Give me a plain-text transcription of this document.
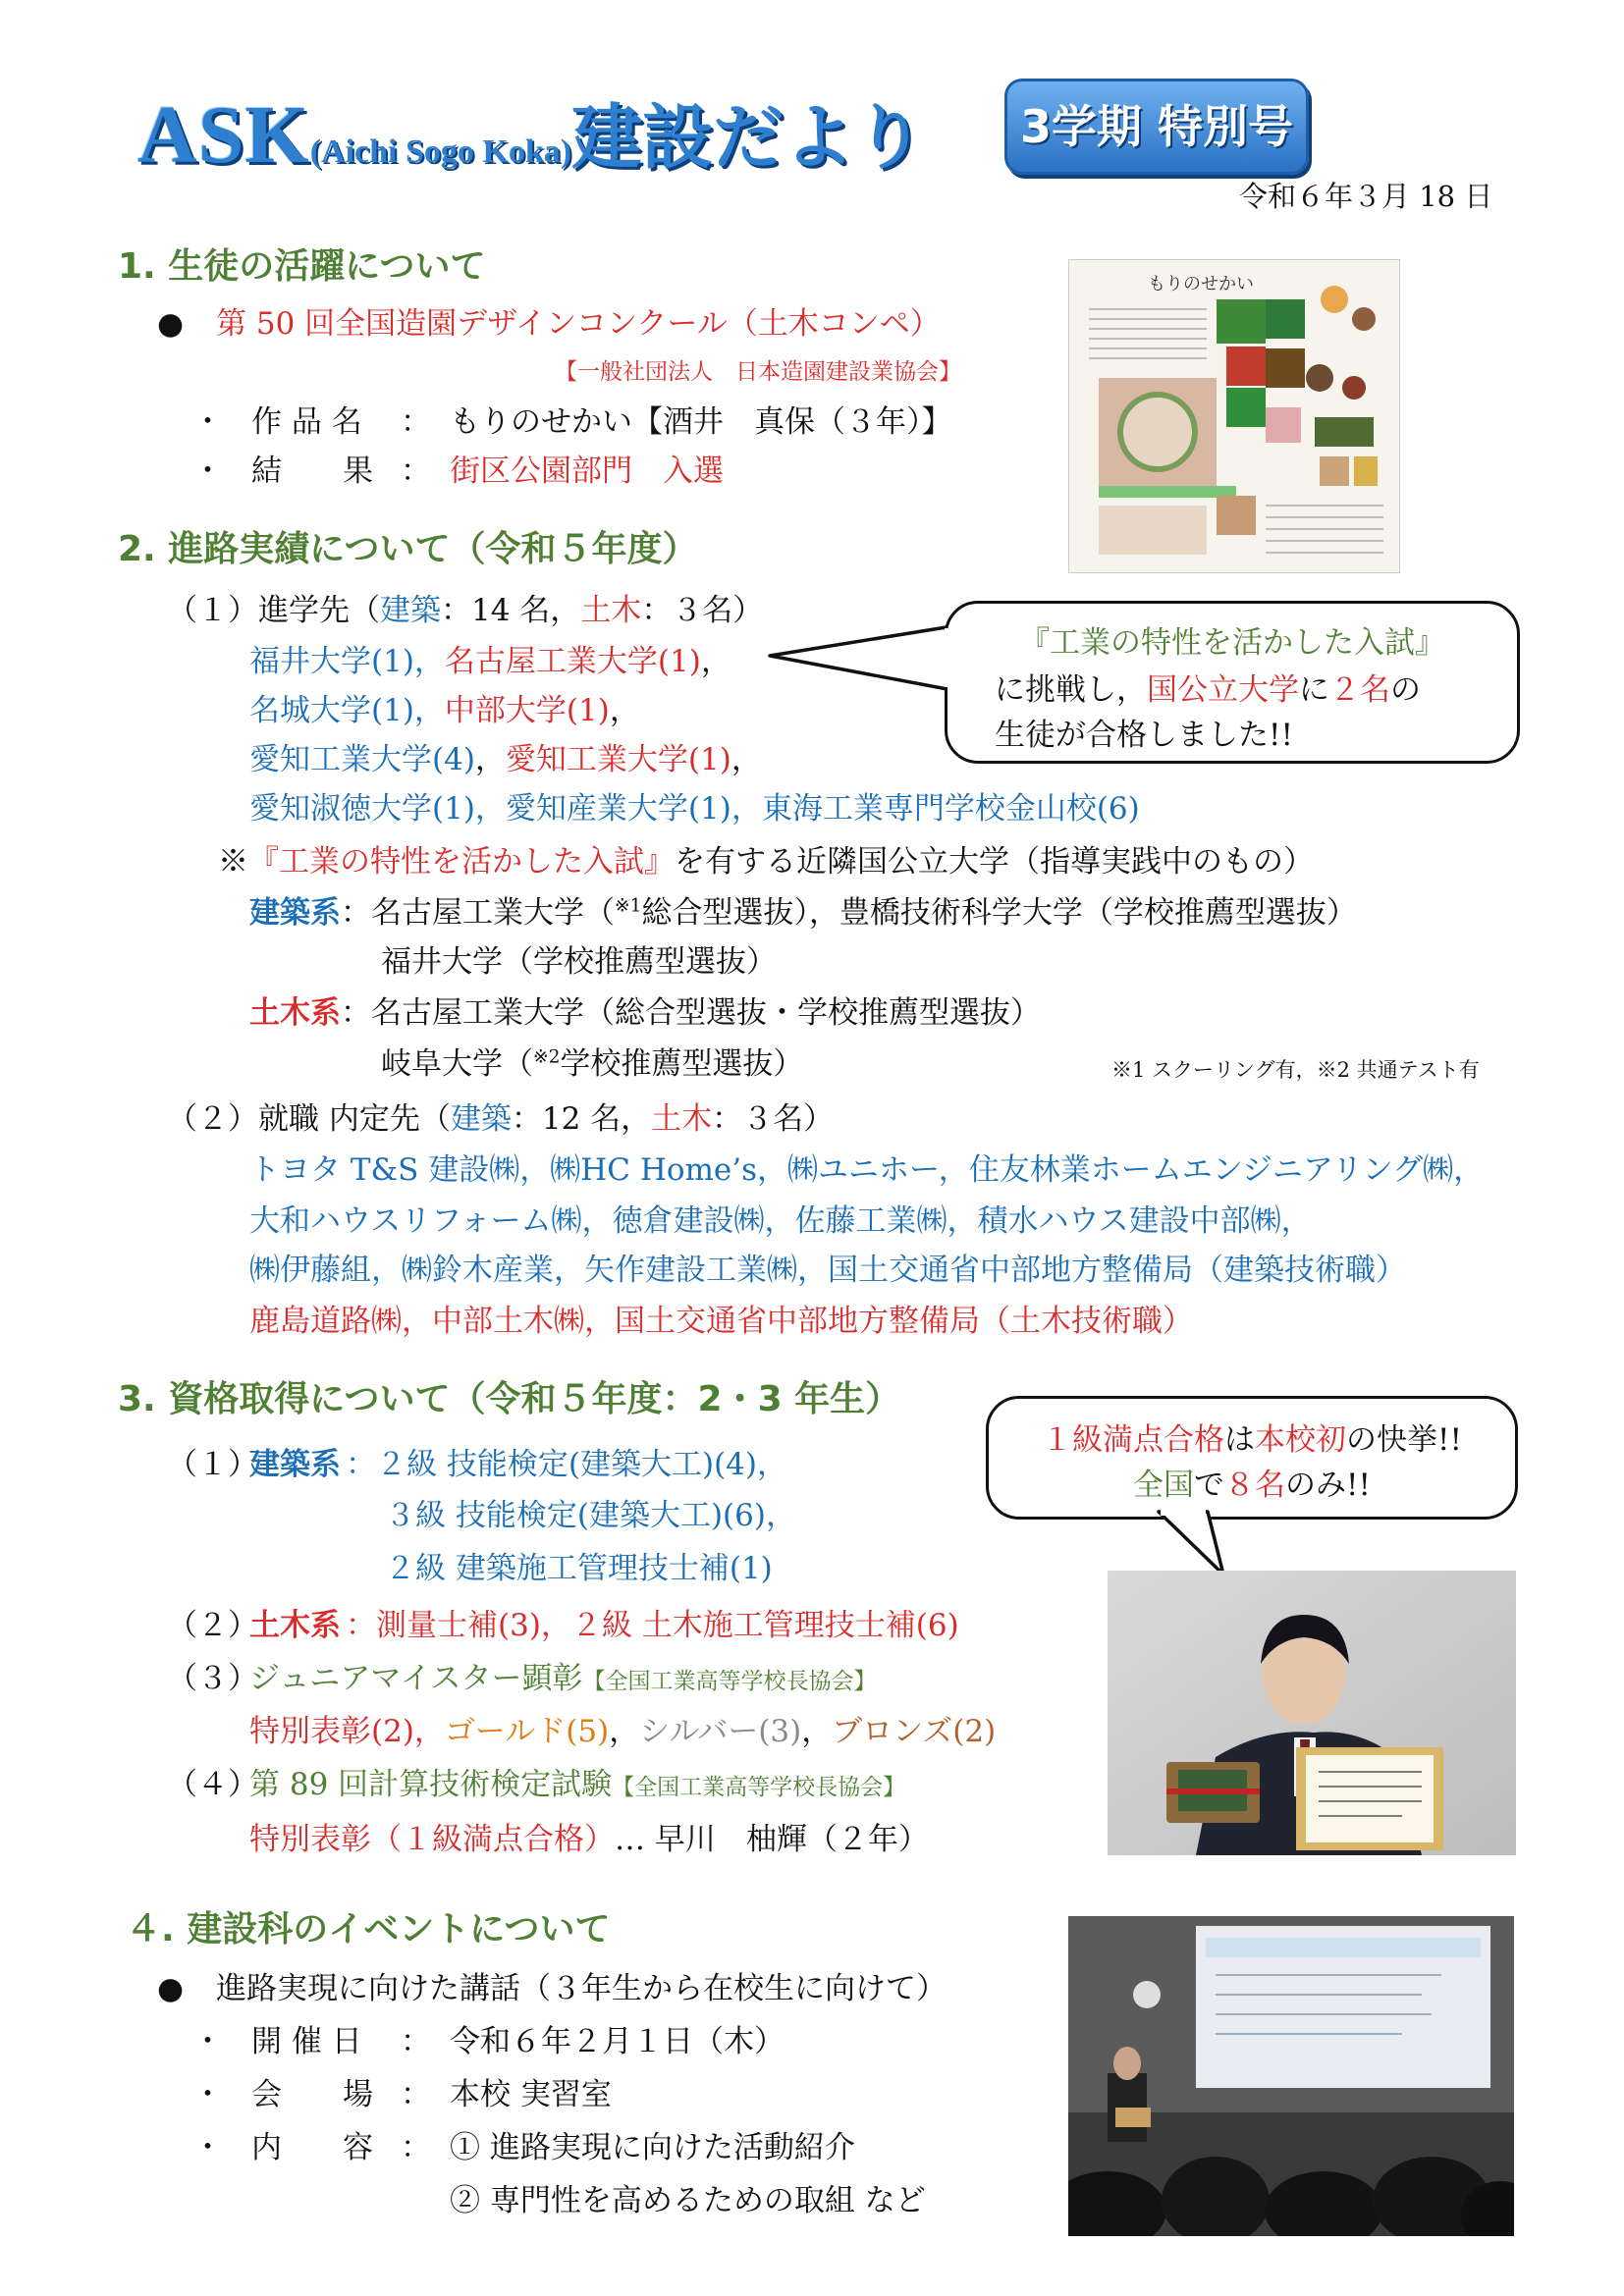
ASK(Aichi Sogo Koka)建設だより 3学期 特別号
令和６年３月 18 日
1. 生徒の活躍について
● 第 50 回全国造園デザインコンクール（土木コンペ）
【一般社団法人　日本造園建設業協会】
・ 作 品 名 ： もりのせかい【酒井　真保（３年）】
・ 結　　果 ： 街区公園部門　入選
もりのせかい
2. 進路実績について（令和５年度）
（１）進学先（建築：14 名，土木：３名）
福井大学(1)，名古屋工業大学(1)，
名城大学(1)，中部大学(1)，
愛知工業大学(4)，愛知工業大学(1)，
愛知淑徳大学(1)，愛知産業大学(1)，東海工業専門学校金山校(6)
※『工業の特性を活かした入試』を有する近隣国公立大学（指導実践中のもの）
建築系：名古屋工業大学（$^{※1}$総合型選抜），豊橋技術科学大学（学校推薦型選抜）
福井大学（学校推薦型選抜）
土木系：名古屋工業大学（総合型選抜・学校推薦型選抜）
岐阜大学（$^{※2}$学校推薦型選抜）	※1 スクーリング有，※2 共通テスト有
（２）就職 内定先（建築：12 名，土木：３名）
トヨタ T&S 建設㈱，㈱HC Home’s，㈱ユニホー，住友林業ホームエンジニアリング㈱，
大和ハウスリフォーム㈱，徳倉建設㈱，佐藤工業㈱，積水ハウス建設中部㈱，
㈱伊藤組，㈱鈴木産業，矢作建設工業㈱，国土交通省中部地方整備局（建築技術職）
鹿島道路㈱，中部土木㈱，国土交通省中部地方整備局（土木技術職）
『工業の特性を活かした入試』
に挑戦し，国公立大学に２名の
生徒が合格しました!!
3. 資格取得について（令和５年度：2・3 年生）
（１）
建築系 ：２級 技能検定(建築大工)(4)，
３級 技能検定(建築大工)(6)，
２級 建築施工管理技士補(1)
（２）
土木系 ：測量士補(3)，２級 土木施工管理技士補(6)
（３）
ジュニアマイスター顕彰【全国工業高等学校長協会】
特別表彰(2)，ゴールド(5)，シルバー(3)，ブロンズ(2)
（４）
第 89 回計算技術検定試験【全国工業高等学校長協会】
特別表彰（１級満点合格）… 早川　柚輝（２年）
１級満点合格は本校初の快挙!!
全国で８名のみ!!
４. 建設科のイベントについて
● 進路実現に向けた講話（３年生から在校生に向けて）
・ 開 催 日 ： 令和６年２月１日（木）
・ 会　　場 ： 本校 実習室
・ 内　　容 ： ① 進路実現に向けた活動紹介
② 専門性を高めるための取組 など
